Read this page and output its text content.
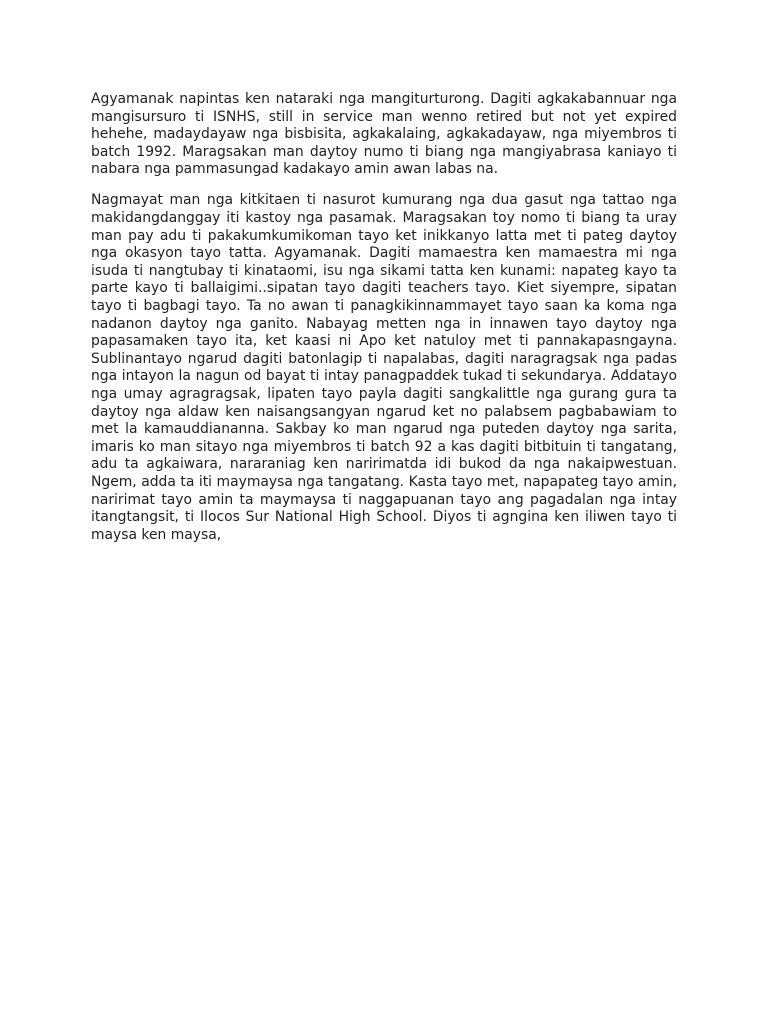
Agyamanak napintas ken nataraki nga mangiturturong. Dagiti agkakabannuar nga mangisursuro ti ISNHS, still in service man wenno retired but not yet expired hehehe, madaydayaw nga bisbisita, agkakalaing, agkakadayaw, nga miyembros ti batch 1992. Maragsakan man daytoy numo ti biang nga mangiyabrasa kaniayo ti nabara nga pammasungad kadakayo amin awan labas na.

Nagmayat man nga kitkitaen ti nasurot kumurang nga dua gasut nga tattao nga makidangdanggay iti kastoy nga pasamak. Maragsakan toy nomo ti biang ta uray man pay adu ti pakakumkumikoman tayo ket inikkanyo latta met ti pateg daytoy nga okasyon tayo tatta. Agyamanak. Dagiti mamaestra ken mamaestra mi nga isuda ti nangtubay ti kinataomi, isu nga sikami tatta ken kunami: napateg kayo ta parte kayo ti ballaigimi..sipatan tayo dagiti teachers tayo. Kiet siyempre, sipatan tayo ti bagbagi tayo. Ta no awan ti panagkikinnammayet tayo saan ka koma nga nadanon daytoy nga ganito. Nabayag metten nga in innawen tayo daytoy nga papasamaken tayo ita, ket kaasi ni Apo ket natuloy met ti pannakapasngayna. Sublinantayo ngarud dagiti batonlagip ti napalabas, dagiti naragragsak nga padas nga intayon la nagun od bayat ti intay panagpaddek tukad ti sekundarya. Addatayo nga umay agragragsak, lipaten tayo payla dagiti sangkalittle nga gurang gura ta daytoy nga aldaw ken naisangsangyan ngarud ket no palabsem pagbabawiam to met la kamauddiananna. Sakbay ko man ngarud nga puteden daytoy nga sarita, imaris ko man sitayo nga miyembros ti batch 92 a kas dagiti bitbituin ti tangatang, adu ta agkaiwara, nararaniag ken naririmatda idi bukod da nga nakaipwestuan. Ngem, adda ta iti maymaysa nga tangatang. Kasta tayo met, napapateg tayo amin, naririmat tayo amin ta maymaysa ti naggapuanan tayo ang pagadalan nga intay itangtangsit, ti Ilocos Sur National High School. Diyos ti agngina ken iliwen tayo ti maysa ken maysa,
